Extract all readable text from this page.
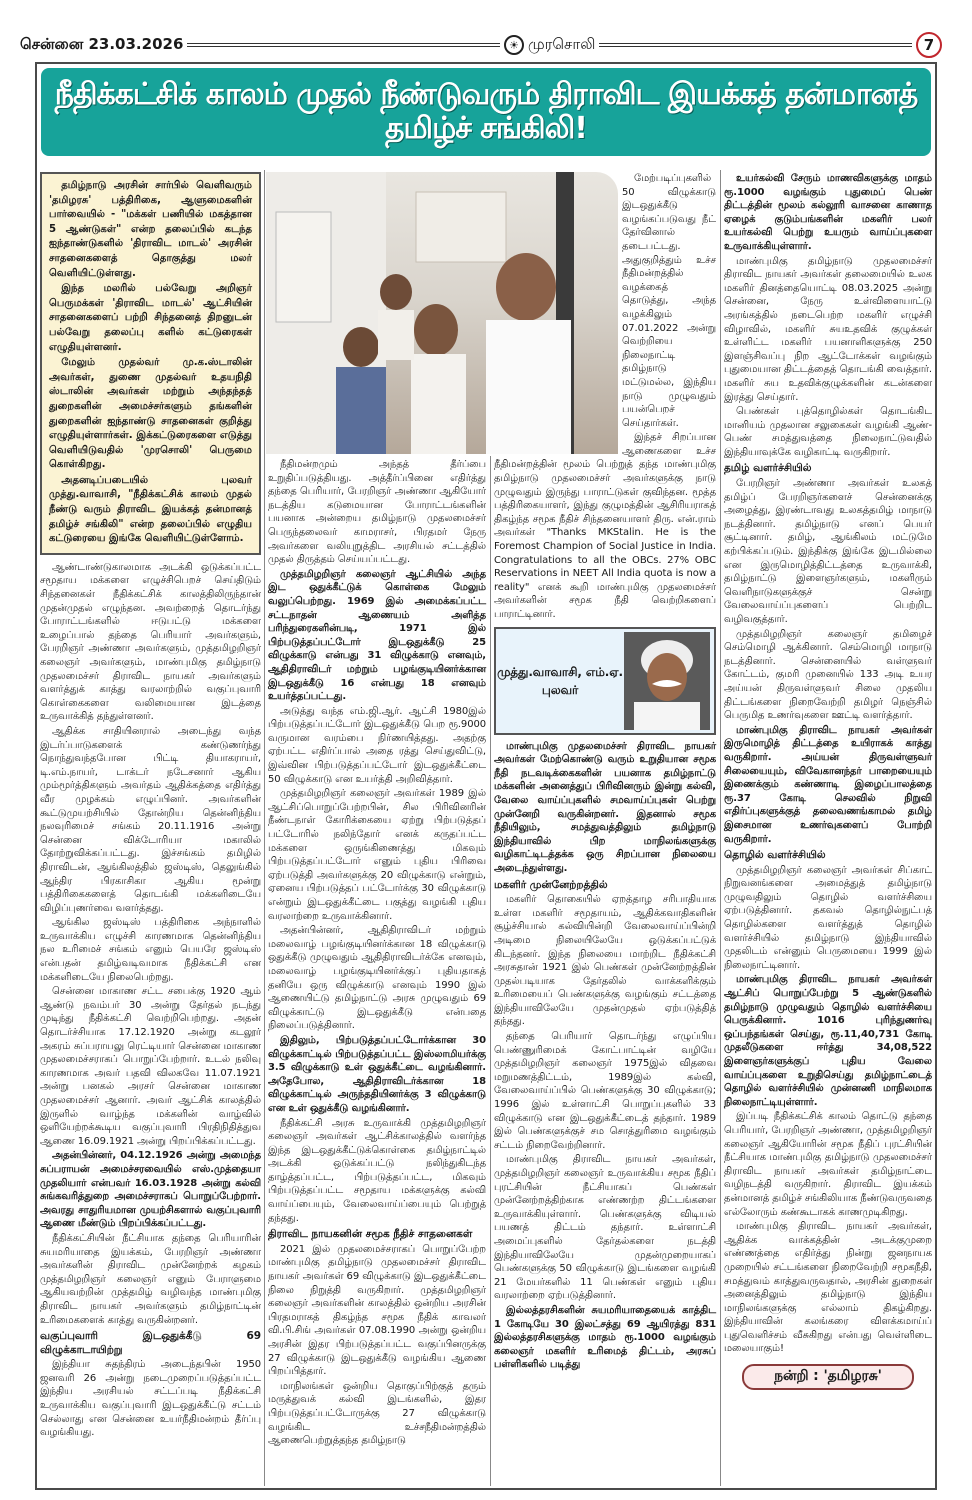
சென்னை 23.03.2026	☀ முரசொலி	7
நீதிக்கட்சிக் காலம் முதல் நீண்டுவரும் திராவிட இயக்கத் தன்மானத் தமிழ்ச் சங்கிலி!

தமிழ்நாடு அரசின் சார்பில் வெளிவரும் 'தமிழரசு' பத்திரிகை, ஆளுமைகளின் பார்வையில் - "மக்கள் பணியில் மகத்தான 5 ஆண்டுகள்" என்ற தலைப்பில் கடந்த ஐந்தாண்டுகளில் 'திராவிட மாடல்' அரசின் சாதனைகளைத் தொகுத்து மலர் வெளியிட்டுள்ளது.

இந்த மலரில் பல்வேறு அறிஞர் பெருமக்கள் 'திராவிட மாடல்' ஆட்சியின் சாதனைகளைப் பற்றி சிந்தனைத் திறனுடன் பல்வேறு தலைப்பு களில் கட்டுரைகள் எழுதியுள்ளனர்.

மேலும் முதல்வர் மு.க.ஸ்டாலின் அவர்கள், துணை முதல்வர் உதயநிதி ஸ்டாலின் அவர்கள் மற்றும் அந்தந்தத் துறைகளின் அமைச்சர்களும் தங்களின் துறைகளின் ஐந்தாண்டு சாதனைகள் குறித்து எழுதியுள்ளார்கள். இக்கட்டுரைகளை எடுத்து வெளியிடுவதில் 'முரசொலி' பெருமை கொள்கிறது.

அதனடிப்படையில் புலவர் முத்து.வாவாசி, "நீதிக்கட்சிக் காலம் முதல் நீண்டு வரும் திராவிட இயக்கத் தன்மானத் தமிழ்ச் சங்கிலி" என்ற தலைப்பில் எழுதிய கட்டுரையை இங்கே வெளியிட்டுள்ளோம்.

ஆண்டாண்டுகாலமாக அடக்கி ஒடுக்கப்பட்ட சமூதாய மக்களை எழுச்சிபெறச் செய்திடும் சிந்தனைகள் நீதிக்கட்சிக் காலத்திலிருந்தான் முதன்முதல் எழுந்தன. அவற்றைத் தொடர்ந்து போராட்டங்களில் ஈடுபட்டு மக்களை உழைப்பால் தந்தை பெரியார் அவர்களும், பேரறிஞர் அண்ணா அவர்களும், முத்தமிழறிஞர் கலைஞர் அவர்களும், மாண்புமிகு தமிழ்நாடு முதலமைச்சர் திராவிட நாயகர் அவர்களும் வளர்த்துக் காத்து வரலாற்றில் வகுப்புவாரி கொள்கைகளை வலிமையான இடத்தை உருவாக்கித் தந்துள்ளனர்.

ஆதிக்க சாதியினரால் அடைந்து வந்த இடர்ப்பாடுகளைக் கண்டுணர்ந்து நொந்துவந்தபோன பிட்டி தியாகராயர், டி.எம்.நாயர், டாக்டர் நடேசனார் ஆகிய மும்மூர்த்திகளும் அவர்தம் ஆதிக்கத்தை எதிர்த்து வீர முழக்கம் எழுப்பினர். அவர்களின் கூட்டுமுயற்சியில் தோன்றிய தென்னிந்திய நலவுரிமைச் சங்கம் 20.11.1916 அன்று சென்னை விக்டோரியா மகாலில் தோற்றுவிக்கப்பட்டது. இச்சங்கம் தமிழில் திராவிடன், ஆங்கிலத்தில் ஜஸ்டிஸ், தெலுங்கில் ஆந்திர பிரகாசிகா ஆகிய மூன்று பத்திரிகைகளைத் தொடங்கி மக்களிடையே விழிப்புணர்வை வளர்த்தது.

ஆங்கில ஜஸ்டிஸ் பத்திரிகை அந்நாளில் உருவாக்கிய எழுச்சி காரணமாக தென்னிந்திய நல உரிமைச் சங்கம் எனும் பெயரே ஜஸ்டிஸ் என்பதன் தமிழ்வடிவமாக நீதிக்கட்சி என மக்களிடையே நிலைபெற்றது.

சென்னை மாகாண சட்ட சபைக்கு 1920 ஆம் ஆண்டு நவம்பர் 30 அன்று தேர்தல் நடந்து முடிந்து நீதிக்கட்சி வெற்றிபெற்றது. அதன் தொடர்ச்சியாக 17.12.1920 அன்று கடலூர் அகரம் சுப்பராயலு ரெட்டியார் சென்னை மாகாண முதலமைச்சராகப் பொறுப்பேற்றார். உடல் நலிவு காரணமாக அவர் பதவி விலகவே 11.07.1921 அன்று பனகல் அரசர் சென்னை மாகாண முதலமைச்சர் ஆனார். அவர் ஆட்சிக் காலத்தில் இருளில் வாழ்ந்த மக்களின் வாழ்வில் ஒளியேற்றக்கூடிய வகுப்புவாரி பிரதிநிதித்துவ ஆணை 16.09.1921 அன்று பிறப்பிக்கப்பட்டது.

அதன்பின்னர், 04.12.1926 அன்று அமைந்த சுப்பராயன் அமைச்சரவையில் எஸ்.முத்தையா முதலியார் என்பவர் 16.03.1928 அன்று கல்வி சுங்கவரித்துறை அமைச்சராகப் பொறுப்பேற்றார். அவரது சாதுரியமான முயற்சிகளால் வகுப்புவாரி ஆணை மீண்டும் பிறப்பிக்கப்பட்டது.

நீதிக்கட்சியின் நீட்சியாக தந்தை பெரியாரின் சுயமரியாதை இயக்கம், பேரறிஞர் அண்ணா அவர்களின் திராவிட முன்னேற்றக் கழகம் முத்தமிழறிஞர் கலைஞர் எனும் பேராளுமை ஆகியவற்றின் முத்தமிழ் வழிவந்த மாண்புமிகு திராவிட நாயகர் அவர்களும் தமிழ்நாட்டின் உரிமைகளைக் காத்து வருகின்றனர்.

வகுப்புவாரி இடஒதுக்கீடு 69 விழுக்காடாயிற்று

இந்தியா சுதந்திரம் அடைந்தபின் 1950 ஜனவரி 26 அன்று நடைமுறைப்படுத்தப்பட்ட இந்திய அரசியல் சட்டப்படி நீதிக்கட்சி உருவாக்கிய வகுப்புவாரி இடஒதுக்கீட்டு சட்டம் செல்லாது என சென்னை உயர்நீதிமன்றம் தீர்ப்பு வழங்கியது.

நீதிமன்றமும் அந்தத் தீர்ப்பை உறுதிப்படுத்தியது. அத்தீர்ப்பினை எதிர்த்து தந்தை பெரியார், பேரறிஞர் அண்ணா ஆகியோர் நடத்திய கடுமையான போராட்டங்களின் பயனாக அன்றைய தமிழ்நாடு முதலமைச்சர் பெருந்தலைவர் காமராசர், பிரதமர் நேரு அவர்களை வலியுறுத்திட அரசியல் சட்டத்தில் முதல் திருத்தம் செய்யப்பட்டது.

முத்தமிழறிஞர் கலைஞர் ஆட்சியில் அந்த இட ஒதுக்கீட்டுக் கொள்கை மேலும் வலுப்பெற்றது. 1969 இல் அமைக்கப்பட்ட சட்டநாதன் ஆணையம் அளித்த பரிந்துரைகளின்படி, 1971 இல் பிற்படுத்தப்பட்டோர் இடஒதுக்கீடு 25 விழுக்காடு என்பது 31 விழுக்காடு எனவும், ஆதிதிராவிடர் மற்றும் பழங்குடியினர்க்கான இடஒதுக்கீடு 16 என்பது 18 எனவும் உயர்த்தப்பட்டது.

அடுத்து வந்த எம்.ஜி.ஆர். ஆட்சி 1980இல் பிற்படுத்தப்பட்டோர் இடஒதுக்கீடு பெற ரூ.9000 வருமான வரம்பை நிர்ணயித்தது. அதற்கு ஏற்பட்ட எதிர்ப்பால் அதை ரத்து செய்துவிட்டு, இவ்வின பிற்படுத்தப்பட்டோர் இடஒதுக்கீட்டை 50 விழுக்காடு என உயர்த்தி அறிவித்தார்.

முத்தமிழறிஞர் கலைஞர் அவர்கள் 1989 இல் ஆட்சிப்பொறுப்பேற்றபின், சில பிரிவினரின் நீண்டநாள் கோரிக்கையை ஏற்று பிற்படுத்தப் பட்டோரில் நலிந்தோர் எனக் கருதப்பட்ட மக்களை ஒருங்கிணைத்து மிகவும் பிற்படுத்தப்பட்டோர் எனும் புதிய பிரிவை ஏற்படுத்தி அவர்களுக்கு 20 விழுக்காடு என்றும், ஏனைய பிற்படுத்தப் பட்டோர்க்கு 30 விழுக்காடு என்றும் இடஒதுக்கீட்டை பகுத்து வழங்கி புதிய வரலாற்றை உருவாக்கினார்.

அதன்பின்னர், ஆதிதிராவிடர் மற்றும் மலைவாழ் பழங்குடியினர்க்கான 18 விழுக்காடு ஒதுக்கீடு முழுவதும் ஆதிதிராவிடர்க்கே எனவும், மலைவாழ் பழங்குடியினர்க்குப் புதியதாகத் தனியே ஒரு விழுக்காடு எனவும் 1990 இல் ஆணையிட்டு தமிழ்நாட்டு அரசு முழுவதும் 69 விழுக்காட்டு இடஒதுக்கீடு என்பதை நிலைப்படுத்தினார்.

இதிலும், பிற்படுத்தப்பட்டோர்க்கான 30 விழுக்காட்டில் பிற்படுத்தப்பட்ட இஸ்லாமியர்க்கு 3.5 விழுக்காடு உள் ஒதுக்கீட்டை வழங்கினார். அதேபோல, ஆதிதிராவிடர்க்கான 18 விழுக்காட்டில் அருந்ததியினர்க்கு 3 விழுக்காடு என உள் ஒதுக்கீடு வழங்கினார்.

நீதிக்கட்சி அரசு உருவாக்கி முத்தமிழறிஞர் கலைஞர் அவர்கள் ஆட்சிக்காலத்தில் வளர்ந்த இந்த இடஒதுக்கீட்டுக்கொள்கை தமிழ்நாட்டில் அடக்கி ஒடுக்கப்பட்டு நலிந்துகிடந்த தாழ்த்தப்பட்ட, பிற்படுத்தப்பட்ட, மிகவும் பிற்படுத்தப்பட்ட சமூதாய மக்களுக்கு கல்வி வாய்ப்பையும், வேலைவாய்ப்பையும் பெற்றுத் தந்தது.

திராவிட நாயகனின் சமூக நீதிச் சாதனைகள்

2021 இல் முதலமைச்சராகப் பொறுப்பேற்ற மாண்புமிகு தமிழ்நாடு முதலமைச்சர் திராவிட நாயகர் அவர்கள் 69 விழுக்காடு இடஒதுக்கீட்டை நிலை நிறுத்தி வருகிறார். முத்தமிழறிஞர் கலைஞர் அவர்களின் காலத்தில் ஒன்றிய அரசின் பிரதமராகத் திகழ்ந்த சமூக நீதிக் காவலர் வி.பி.சிங் அவர்கள் 07.08.1990 அன்று ஒன்றிய அரசின் இதர பிற்படுத்தப்பட்ட வகுப்பினருக்கு 27 விழுக்காடு இடஒதுக்கீடு வழங்கிய ஆணை பிறப்பித்தார்.

மாநிலங்கள் ஒன்றிய தொகுப்பிற்குத் தரும் மருத்துவக் கல்வி இடங்களில், இதர பிற்படுத்தப்பட்டோருக்கு 27 விழுக்காடு வழங்கிட உச்சநீதிமன்றத்தில் ஆணைபெற்றுத்தந்த தமிழ்நாடு

மேற்படிப்புகளில் 50 விழுக்காடு இடஒதுக்கீடு வழங்கப்படுவது நீட் தேர்வினால் தடைபட்டது. அதுகுறித்தும் உச்ச நீதிமன்றத்தில் வழக்கைத் தொடுத்து, அந்த வழக்கிலும் 07.01.2022 அன்று வெற்றியை நிலைநாட்டி தமிழ்நாடு மட்டுமல்ல, இந்திய நாடு முழுவதும் பயன்பெறச் செய்தார்கள்.

இந்தச் சிறப்பான ஆணைகளை உச்ச நீதிமன்றத்தின் மூலம் பெற்றுத் தந்த மாண்புமிகு தமிழ்நாடு முதலமைச்சர் அவர்களுக்கு நாடு முழுவதும் இருந்து பாராட்டுகள் குவிந்தன. மூத்த பத்திரிகையாளர், இந்து குழுமத்தின் ஆசிரியராகத் திகழ்ந்த சமூக நீதிச் சிந்தனையாளர் திரு. என்.ராம் அவர்கள் "Thanks MKStalin. He is the Foremost Champion of Social Justice in India. Congratulations to all the OBCs. 27% OBC Reservations in NEET All India quota is now a reality" எனக் கூறி மாண்புமிகு முதலமைச்சர் அவர்களின் சமூக நீதி வெற்றிகளைப் பாராட்டினார்.

முத்து.வாவாசி, எம்.ஏ.
புலவர்

மாண்புமிகு முதலமைச்சர் திராவிட நாயகர் அவர்கள் மேற்கொண்டு வரும் உறுதியான சமூக நீதி நடவடிக்கைகளின் பயனாக தமிழ்நாட்டு மக்களின் அனைத்துப் பிரிவினரும் இன்று கல்வி, வேலை வாய்ப்புகளில் சமவாய்ப்புகள் பெற்று முன்னேறி வருகின்றனர். இதனால் சமூக நீதியிலும், சமத்துவத்திலும் தமிழ்நாடு இந்தியாவில் பிற மாநிலங்களுக்கு வழிகாட்டிடத்தக்க ஒரு சிறப்பான நிலையை அடைந்துள்ளது.

மகளிர் முன்னேற்றத்தில்

மகளிர் தொகையில் ஏறத்தாழ சரிபாதியாக உள்ள மகளிர் சமூதாயம், ஆதிக்கவாதிகளின் சூழ்ச்சியால் கல்வியின்றி வேலைவாய்ப்பின்றி அடிமை நிலையிலேயே ஒடுக்கப்பட்டுக் கிடந்தனர். இந்த நிலையை மாற்றிட நீதிக்கட்சி அரசுதான் 1921 இல் பெண்கள் முன்னேற்றத்தின் முதல்படியாக தேர்தலில் வாக்களிக்கும் உரிமையைப் பெண்களுக்கு வழங்கும் சட்டத்தை இந்தியாவிலேயே முதன்முதல் ஏற்படுத்தித் தந்தது.

தந்தை பெரியார் தொடர்ந்து எழுப்பிய பெண்ணுரிமைக் கோட்பாட்டின் வழியே முத்தமிழறிஞர் கலைஞர் 1975இல் விதவை மறுமணத்திட்டம், 1989இல் கல்வி, வேலைவாய்ப்பில் பெண்களுக்கு 30 விழுக்காடு; 1996 இல் உள்ளாட்சி பொறுப்புகளில் 33 விழுக்காடு என இடஒதுக்கீட்டைத் தந்தார். 1989 இல் பெண்களுக்குச் சம சொத்துரிமை வழங்கும் சட்டம் நிறைவேற்றினார்.

மாண்புமிகு திராவிட நாயகர் அவர்கள், முத்தமிழறிஞர் கலைஞர் உருவாக்கிய சமூக நீதிப் புரட்சியின் நீட்சியாகப் பெண்கள் முன்னேற்றத்திற்காக எண்ணற்ற திட்டங்களை உருவாக்கியுள்ளார். பெண்களுக்கு விடியல் பயணத் திட்டம் தந்தார். உள்ளாட்சி அமைப்புகளில் தேர்தல்களை நடத்தி இந்தியாவிலேயே முதன்முறையாகப் பெண்களுக்கு 50 விழுக்காடு இடங்களை வழங்கி 21 மேயர்களில் 11 பெண்கள் எனும் புதிய வரலாற்றை ஏற்படுத்தினார்.

இல்லத்தரசிகளின் சுயமரியாதையைக் காத்திட 1 கோடியே 30 இலட்சத்து 69 ஆயிரத்து 831 இல்லத்தரசிகளுக்கு மாதம் ரூ.1000 வழங்கும் கலைஞர் மகளிர் உரிமைத் திட்டம், அரசுப் பள்ளிகளில் படித்து

உயர்கல்வி சேரும் மாணவிகளுக்கு மாதம் ரூ.1000 வழங்கும் புதுமைப் பெண் திட்டத்தின் மூலம் கல்லூரி வாசனை காணாத ஏழைக் குடும்பங்களின் மகளிர் பலர் உயர்கல்வி பெற்று உயரும் வாய்ப்புகளை உருவாக்கியுள்ளார்.

மாண்புமிகு தமிழ்நாடு முதலமைச்சர் திராவிட நாயகர் அவர்கள் தலைமையில் உலக மகளிர் தினத்தையொட்டி 08.03.2025 அன்று சென்னை, நேரு உள்விளையாட்டு அரங்கத்தில் நடைபெற்ற மகளிர் எழுச்சி விழாவில், மகளிர் சுயஉதவிக் குழுக்கள் உள்ளிட்ட மகளிர் பயனாளிகளுக்கு 250 இளஞ்சிவப்பு நிற ஆட்டோக்கள் வழங்கும் புதுமையான திட்டத்தைத் தொடங்கி வைத்தார். மகளிர் சுய உதவிக்குழுக்களின் கடன்களை இரத்து செய்தார்.

பெண்கள் புத்தொழில்கள் தொடங்கிட மானியம் முதலான சலுகைகள் வழங்கி ஆண்-பெண் சமத்துவத்தை நிலைநாட்டுவதில் இந்தியாவுக்கே வழிகாட்டி வருகிறார்.

தமிழ் வளர்ச்சியில்

பேரறிஞர் அண்ணா அவர்கள் உலகத் தமிழ்ப் பேரறிஞர்களைச் சென்னைக்கு அழைத்து, இரண்டாவது உலகத்தமிழ் மாநாடு நடத்தினார். தமிழ்நாடு எனப் பெயர் சூட்டினார். தமிழ், ஆங்கிலம் மட்டுமே கற்பிக்கப்படும். இந்திக்கு இங்கே இடமில்லை என இருமொழித்திட்டத்தை உருவாக்கி, தமிழ்நாட்டு இளைஞர்களும், மகளிரும் வெளிநாடுகளுக்குச் சென்று வேலைவாய்ப்புகளைப் பெற்றிட வழிவகுத்தார்.

முத்தமிழறிஞர் கலைஞர் தமிழைச் செம்மொழி ஆக்கினார். செம்மொழி மாநாடு நடத்தினார். சென்னையில் வள்ளுவர் கோட்டம், குமரி முனையில் 133 அடி உயர அய்யன் திருவள்ளுவர் சிலை முதலிய திட்டங்களை நிறைவேற்றி தமிழர் நெஞ்சில் பெருமித உணர்வுகளை ஊட்டி வளர்த்தார்.

மாண்புமிகு திராவிட நாயகர் அவர்கள் இருமொழித் திட்டத்தை உயிராகக் காத்து வருகிறார். அய்யன் திருவள்ளுவர் சிலையையும், விவேகானந்தர் பாறையையும் இணைக்கும் கண்ணாடி இழைப்பாலத்தை ரூ.37 கோடி செலவில் நிறுவி எதிர்ப்புகளுக்குத் தலைவணங்காமல் தமிழ் இசைமான உணர்வுகளைப் போற்றி வருகிறார்.

தொழில் வளர்ச்சியில்

முத்தமிழறிஞர் கலைஞர் அவர்கள் சிப்காட் நிறுவனங்களை அமைத்துத் தமிழ்நாடு முழுவதிலும் தொழில் வளர்ச்சியை ஏற்படுத்தினார். தகவல் தொழில்நுட்பத் தொழில்களை வளர்த்துத் தொழில் வளர்ச்சியில் தமிழ்நாடு இந்தியாவில் முதலிடம் என்னும் பெருமையை 1999 இல் நிலைநாட்டினார்.

மாண்புமிகு திராவிட நாயகர் அவர்கள் ஆட்சிப் பொறுப்பேற்று 5 ஆண்டுகளில் தமிழ்நாடு முழுவதும் தொழில் வளர்ச்சியை பெருக்கினார். 1016 புரிந்துணர்வு ஒப்பந்தங்கள் செய்து, ரூ.11,40,731 கோடி முதலீடுகளை ஈர்த்து 34,08,522 இளைஞர்களுக்குப் புதிய வேலை வாய்ப்புகளை உறுதிசெய்து தமிழ்நாட்டைத் தொழில் வளர்ச்சியில் முன்னணி மாநிலமாக நிலைநாட்டியுள்ளார்.

இப்படி நீதிக்கட்சிக் காலம் தொட்டு தந்தை பெரியார், பேரறிஞர் அண்ணா, முத்தமிழறிஞர் கலைஞர் ஆகியோரின் சமூக நீதிப் புரட்சியின் நீட்சியாக மாண்புமிகு தமிழ்நாடு முதலமைச்சர் திராவிட நாயகர் அவர்கள் தமிழ்நாட்டை வழிநடத்தி வருகிறார். திராவிட இயக்கம் தன்மானத் தமிழ்ச் சங்கிலியாக நீண்டுவருவதை எல்லோரும் கண்கூடாகக் காணமுடிகிறது.

மாண்புமிகு திராவிட நாயகர் அவர்கள், ஆதிக்க வாக்கத்தின் அடக்குமுறை எண்ணத்தை எதிர்த்து நின்று ஜனநாயக முறையில் சட்டங்களை நிறைவேற்றி சமூகநீதி, சமத்துவம் காத்துவருவதால், அரசின் துறைகள் அனைத்திலும் தமிழ்நாடு இந்திய மாநிலங்களுக்கு எல்லாம் திகழ்கிறது. இந்தியாவின் கலங்கரை விளக்கமாய்ப் புதுவெளிச்சம் வீசுகிறது என்பது வெள்ளிடை மலையாகும்!

நன்றி : 'தமிழரசு'
